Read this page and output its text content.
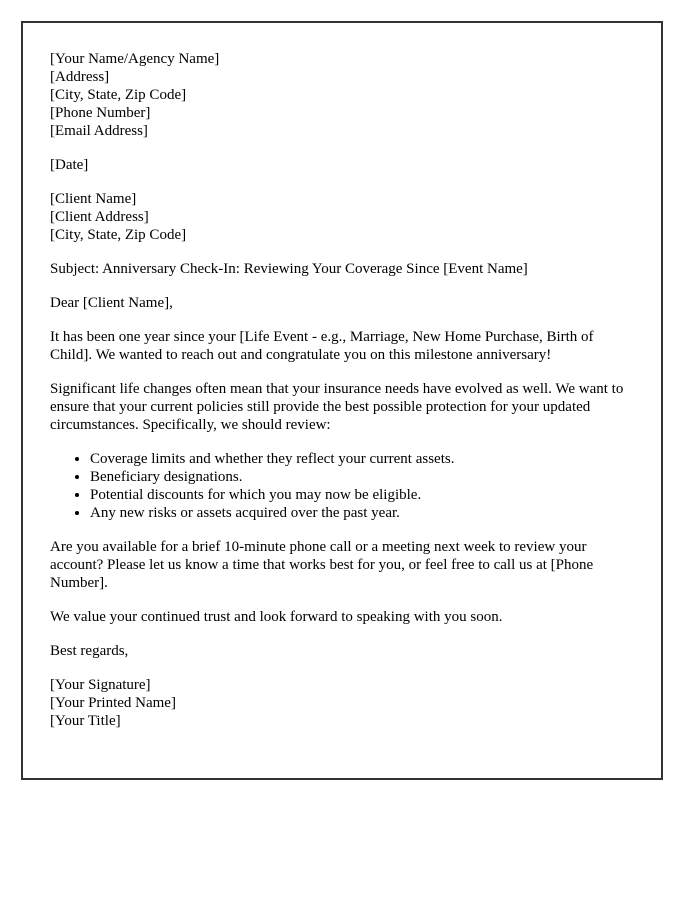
[Your Name/Agency Name]
[Address]
[City, State, Zip Code]
[Phone Number]
[Email Address]
[Date]
[Client Name]
[Client Address]
[City, State, Zip Code]
Subject: Anniversary Check-In: Reviewing Your Coverage Since [Event Name]
Dear [Client Name],
It has been one year since your [Life Event - e.g., Marriage, New Home Purchase, Birth of Child]. We wanted to reach out and congratulate you on this milestone anniversary!
Significant life changes often mean that your insurance needs have evolved as well. We want to ensure that your current policies still provide the best possible protection for your updated circumstances. Specifically, we should review:
• Coverage limits and whether they reflect your current assets.
• Beneficiary designations.
• Potential discounts for which you may now be eligible.
• Any new risks or assets acquired over the past year.
Are you available for a brief 10-minute phone call or a meeting next week to review your account? Please let us know a time that works best for you, or feel free to call us at [Phone Number].
We value your continued trust and look forward to speaking with you soon.
Best regards,
[Your Signature]
[Your Printed Name]
[Your Title]
